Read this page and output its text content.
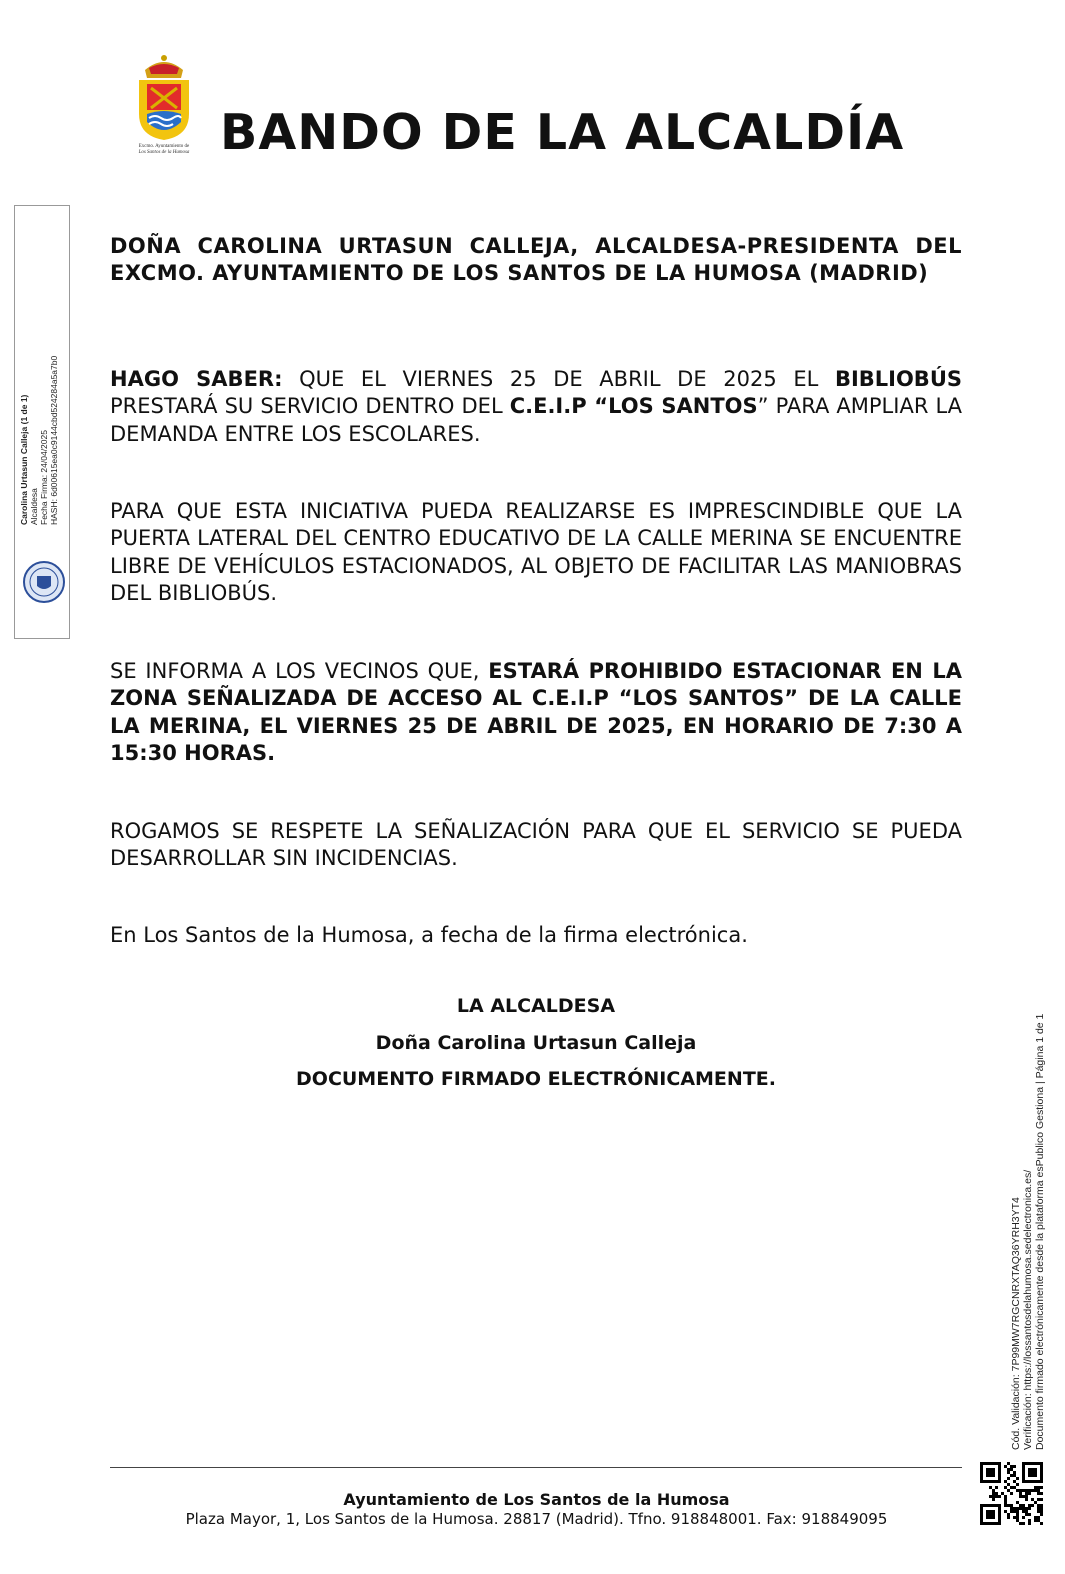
Excmo. Ayuntamiento de
Los Santos de la Humosa BANDO DE LA ALCALDÍA
DOÑA CAROLINA URTASUN CALLEJA, ALCALDESA-PRESIDENTA DEL EXCMO. AYUNTAMIENTO DE LOS SANTOS DE LA HUMOSA (MADRID)
HAGO SABER: QUE EL VIERNES 25 DE ABRIL DE 2025 EL BIBLIOBÚS PRESTARÁ SU SERVICIO DENTRO DEL C.E.I.P “LOS SANTOS” PARA AMPLIAR LA DEMANDA ENTRE LOS ESCOLARES.
PARA QUE ESTA INICIATIVA PUEDA REALIZARSE ES IMPRESCINDIBLE QUE LA PUERTA LATERAL DEL CENTRO EDUCATIVO DE LA CALLE MERINA SE ENCUENTRE LIBRE DE VEHÍCULOS ESTACIONADOS, AL OBJETO DE FACILITAR LAS MANIOBRAS DEL BIBLIOBÚS.
SE INFORMA A LOS VECINOS QUE, ESTARÁ PROHIBIDO ESTACIONAR EN LA ZONA SEÑALIZADA DE ACCESO AL C.E.I.P “LOS SANTOS” DE LA CALLE LA MERINA, EL VIERNES 25 DE ABRIL DE 2025, EN HORARIO DE 7:30 A 15:30 HORAS.
ROGAMOS SE RESPETE LA SEÑALIZACIÓN PARA QUE EL SERVICIO SE PUEDA DESARROLLAR SIN INCIDENCIAS.
En Los Santos de la Humosa, a fecha de la firma electrónica.
LA ALCALDESA
Doña Carolina Urtasun Calleja
DOCUMENTO FIRMADO ELECTRÓNICAMENTE.
Ayuntamiento de Los Santos de la Humosa
Plaza Mayor, 1, Los Santos de la Humosa. 28817 (Madrid). Tfno. 918848001. Fax: 918849095
Carolina Urtasun Calleja (1 de 1) Alcaldesa Fecha Firma: 24/04/2025 HASH: 6d00615ea0c9144cbd524284a5a7b0
Cód. Validación: 7P99MW7RGCNRXTAQ36YRH3YT4 Verificación: https://lossantosdelahumosa.sedelectronica.es/ Documento firmado electrónicamente desde la plataforma esPublico Gestiona | Página 1 de 1
